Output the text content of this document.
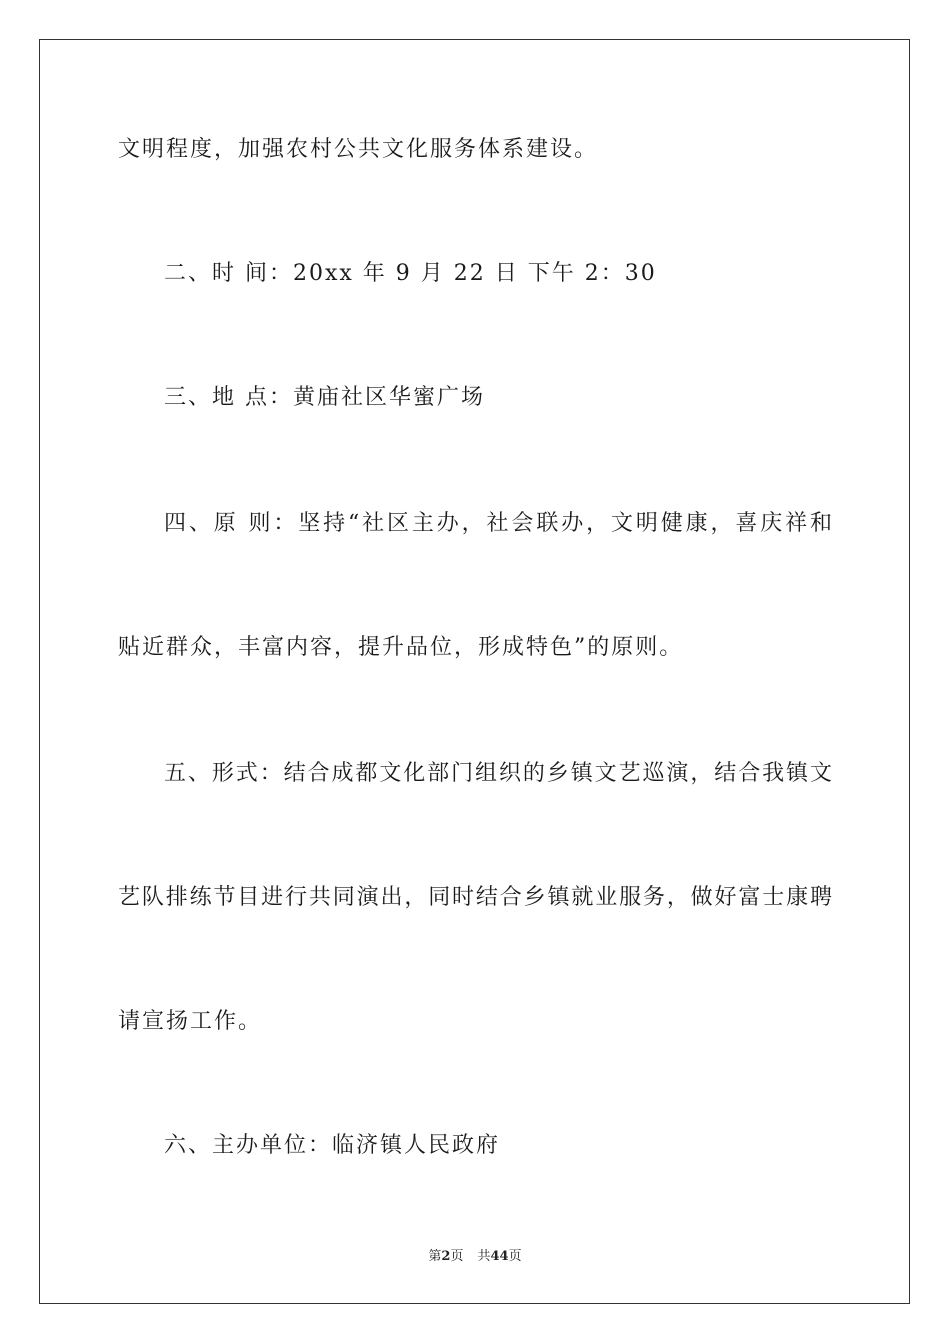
文明程度，加强农村公共文化服务体系建设。
二、时 间：20xx 年 9 月 22 日 下午 2：30
三、地 点：黄庙社区华蜜广场
四、原 则：坚持“社区主办，社会联办，文明健康，喜庆祥和
贴近群众，丰富内容，提升品位，形成特色”的原则。
五、形式：结合成都文化部门组织的乡镇文艺巡演，结合我镇文
艺队排练节目进行共同演出，同时结合乡镇就业服务，做好富士康聘
请宣扬工作。
六、主办单位：临济镇人民政府
第2页 共44页
